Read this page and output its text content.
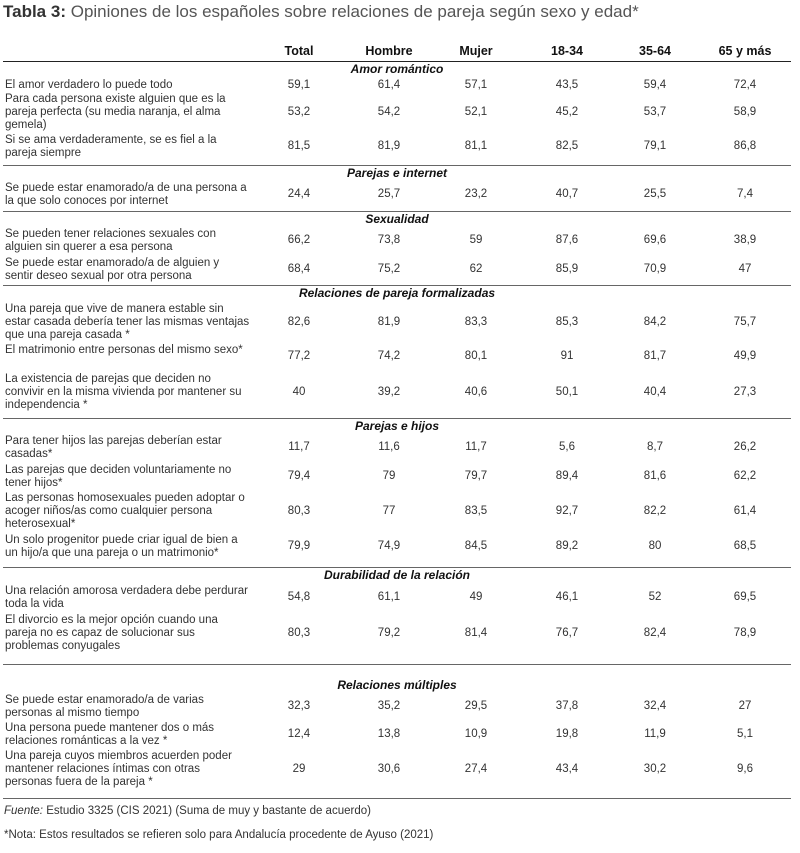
Tabla 3: Opiniones de los españoles sobre relaciones de pareja según sexo y edad*
Total	Hombre	Mujer	18-34	35-64	65 y más
Amor romántico
El amor verdadero lo puede todo	59,1	61,4	57,1	43,5	59,4	72,4
Para cada persona existe alguien que es la pareja perfecta (su media naranja, el alma gemela)
53,2	54,2	52,1	45,2	53,7	58,9
Si se ama verdaderamente, se es fiel a la pareja siempre
81,5	81,9	81,1	82,5	79,1	86,8
Parejas e internet
Se puede estar enamorado/a de una persona a la que solo conoces por internet
24,4	25,7	23,2	40,7	25,5	7,4
Sexualidad
Se pueden tener relaciones sexuales con alguien sin querer a esa persona
66,2	73,8	59	87,6	69,6	38,9
Se puede estar enamorado/a de alguien y sentir deseo sexual por otra persona
68,4	75,2	62	85,9	70,9	47
Relaciones de pareja formalizadas
Una pareja que vive de manera estable sin estar casada debería tener las mismas ventajas que una pareja casada *
82,6	81,9	83,3	85,3	84,2	75,7
El matrimonio entre personas del mismo sexo*	77,2	74,2	80,1	91	81,7	49,9
La existencia de parejas que deciden no convivir en la misma vivienda por mantener su independencia *
40	39,2	40,6	50,1	40,4	27,3
Parejas e hijos
Para tener hijos las parejas deberían estar casadas*
11,7	11,6	11,7	5,6	8,7	26,2
Las parejas que deciden voluntariamente no tener hijos*
79,4	79	79,7	89,4	81,6	62,2
Las personas homosexuales pueden adoptar o acoger niños/as como cualquier persona heterosexual*
80,3	77	83,5	92,7	82,2	61,4
Un solo progenitor puede criar igual de bien a un hijo/a que una pareja o un matrimonio*
79,9	74,9	84,5	89,2	80	68,5
Durabilidad de la relación
Una relación amorosa verdadera debe perdurar toda la vida
54,8	61,1	49	46,1	52	69,5
El divorcio es la mejor opción cuando una pareja no es capaz de solucionar sus problemas conyugales
80,3	79,2	81,4	76,7	82,4	78,9
Relaciones múltiples
Se puede estar enamorado/a de varias personas al mismo tiempo
32,3	35,2	29,5	37,8	32,4	27
Una persona puede mantener dos o más relaciones románticas a la vez *
12,4	13,8	10,9	19,8	11,9	5,1
Una pareja cuyos miembros acuerden poder mantener relaciones íntimas con otras personas fuera de la pareja *
29	30,6	27,4	43,4	30,2	9,6
Fuente: Estudio 3325 (CIS 2021) (Suma de muy y bastante de acuerdo)
*Nota: Estos resultados se refieren solo para Andalucía procedente de Ayuso (2021)
